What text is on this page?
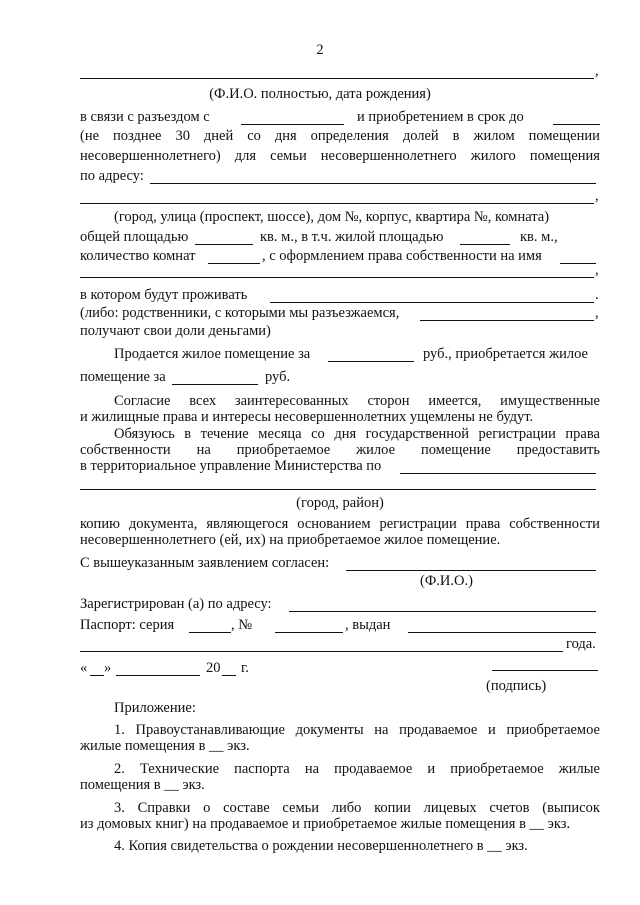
2
,
(Ф.И.О. полностью, дата рождения)
в связи с разъездом с	и приобретением в срок до
(не позднее 30 дней со дня определения долей в жилом помещении
несовершеннолетнего) для семьи несовершеннолетнего жилого помещения
по адресу:
,
(город, улица (проспект, шоссе), дом №, корпус, квартира №, комната)
общей площадью	кв. м., в т.ч. жилой площадью	кв. м.,
количество комнат	, с оформлением права собственности на имя
,
в котором будут проживать	.
(либо: родственники, с которыми мы разъезжаемся,	,
получают свои доли деньгами)
Продается жилое помещение за	руб., приобретается жилое
помещение за	руб.
Согласие всех заинтересованных сторон имеется, имущественные
и жилищные права и интересы несовершеннолетних ущемлены не будут.
Обязуюсь в течение месяца со дня государственной регистрации права
собственности на приобретаемое жилое помещение предоставить
в территориальное управление Министерства по
(город, район)
копию документа, являющегося основанием регистрации права собственности
несовершеннолетнего (ей, их) на приобретаемое жилое помещение.
С вышеуказанным заявлением согласен:
(Ф.И.О.)
Зарегистрирован (а) по адресу:
Паспорт: серия	, №	, выдан
года.
« »	20 г.
(подпись)
Приложение:
1. Правоустанавливающие документы на продаваемое и приобретаемое
жилые помещения в __ экз.
2. Технические паспорта на продаваемое и приобретаемое жилые
помещения в __ экз.
3. Справки о составе семьи либо копии лицевых счетов (выписок
из домовых книг) на продаваемое и приобретаемое жилые помещения в __ экз.
4. Копия свидетельства о рождении несовершеннолетнего в __ экз.
